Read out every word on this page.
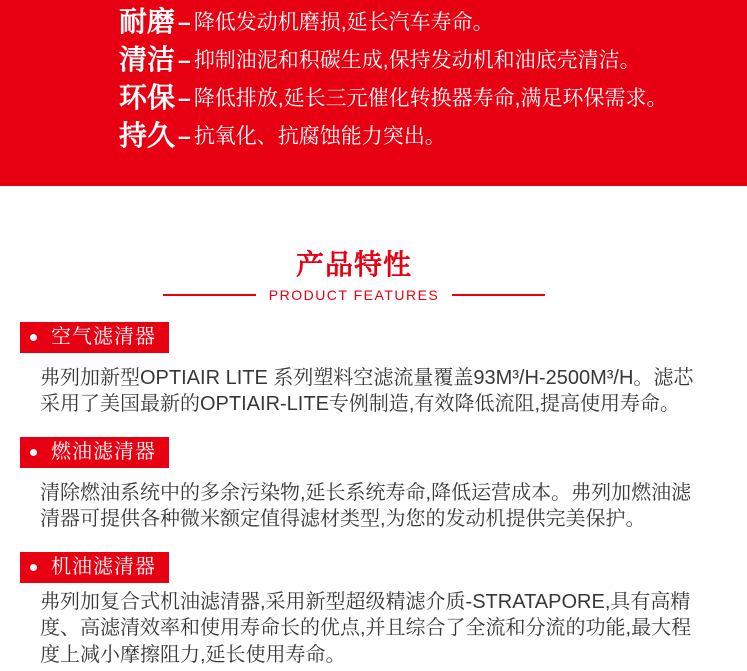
耐磨 – 降低发动机磨损,延长汽车寿命。
清洁 – 抑制油泥和积碳生成,保持发动机和油底壳清洁。
环保 – 降低排放,延长三元催化转换器寿命,满足环保需求。
持久 – 抗氧化、抗腐蚀能力突出。
产品特性
PRODUCT FEATURES
空气滤清器

弗列加新型OPTIAIR LITE 系列塑料空滤流量覆盖93M³/H-2500M³/H。滤芯采用了美国最新的OPTIAIR-LITE专例制造,有效降低流阻,提高使用寿命。

燃油滤清器

清除燃油系统中的多余污染物,延长系统寿命,降低运营成本。弗列加燃油滤清器可提供各种微米额定值得滤材类型,为您的发动机提供完美保护。

机油滤清器

弗列加复合式机油滤清器,采用新型超级精滤介质-STRATAPORE,具有高精度、高滤清效率和使用寿命长的优点,并且综合了全流和分流的功能,最大程度上减小摩擦阻力,延长使用寿命。
